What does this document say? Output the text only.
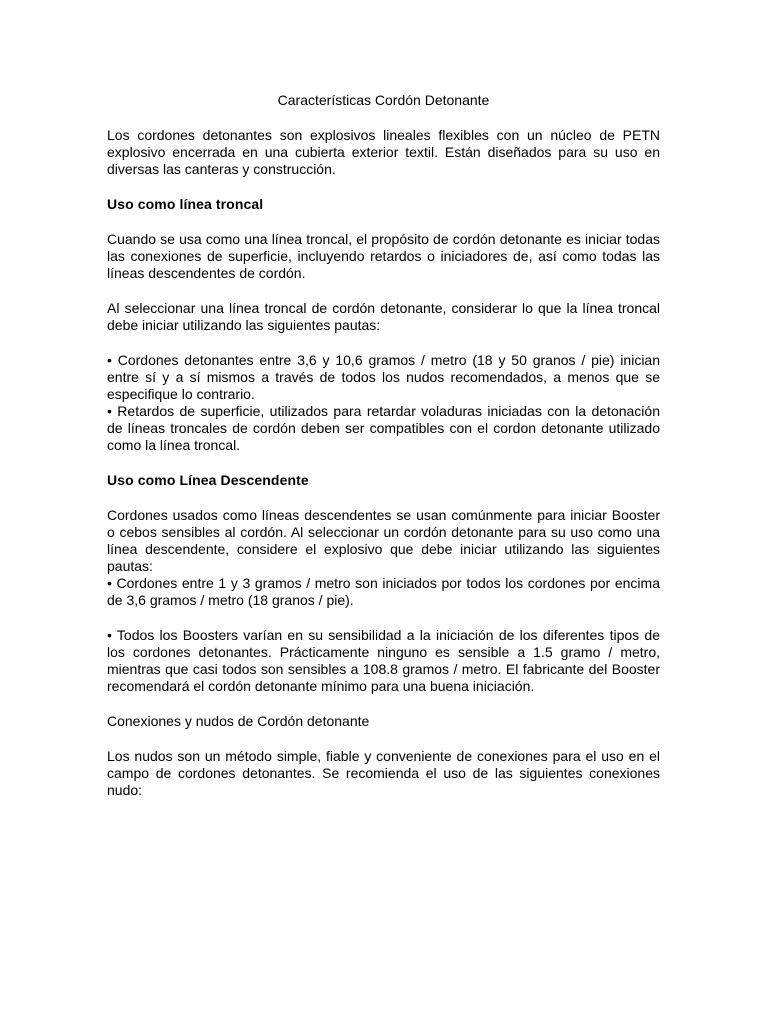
Características Cordón Detonante

Los cordones detonantes son explosivos lineales flexibles con un núcleo de PETN explosivo encerrada en una cubierta exterior textil. Están diseñados para su uso en diversas las canteras y construcción.

Uso como línea troncal

Cuando se usa como una línea troncal, el propósito de cordón detonante es iniciar todas las conexiones de superficie, incluyendo retardos o iniciadores de, así como todas las líneas descendentes de cordón.

Al seleccionar una línea troncal de cordón detonante, considerar lo que la línea troncal debe iniciar utilizando las siguientes pautas:

• Cordones detonantes entre 3,6 y 10,6 gramos / metro (18 y 50 granos / pie) inician entre sí y a sí mismos a través de todos los nudos recomendados, a menos que se especifique lo contrario.

• Retardos de superficie, utilizados para retardar voladuras iniciadas con la detonación de líneas troncales de cordón deben ser compatibles con el cordon detonante utilizado como la línea troncal.

Uso como Línea Descendente

Cordones usados como líneas descendentes se usan comúnmente para iniciar Booster o cebos sensibles al cordón. Al seleccionar un cordón detonante para su uso como una línea descendente, considere el explosivo que debe iniciar utilizando las siguientes pautas:

• Cordones entre 1 y 3 gramos / metro son iniciados por todos los cordones por encima de 3,6 gramos / metro (18 granos / pie).

• Todos los Boosters varían en su sensibilidad a la iniciación de los diferentes tipos de los cordones detonantes. Prácticamente ninguno es sensible a 1.5 gramo / metro, mientras que casi todos son sensibles a 108.8 gramos / metro. El fabricante del Booster recomendará el cordón detonante mínimo para una buena iniciación.

Conexiones y nudos de Cordón detonante

Los nudos son un método simple, fiable y conveniente de conexiones para el uso en el campo de cordones detonantes. Se recomienda el uso de las siguientes conexiones nudo:
